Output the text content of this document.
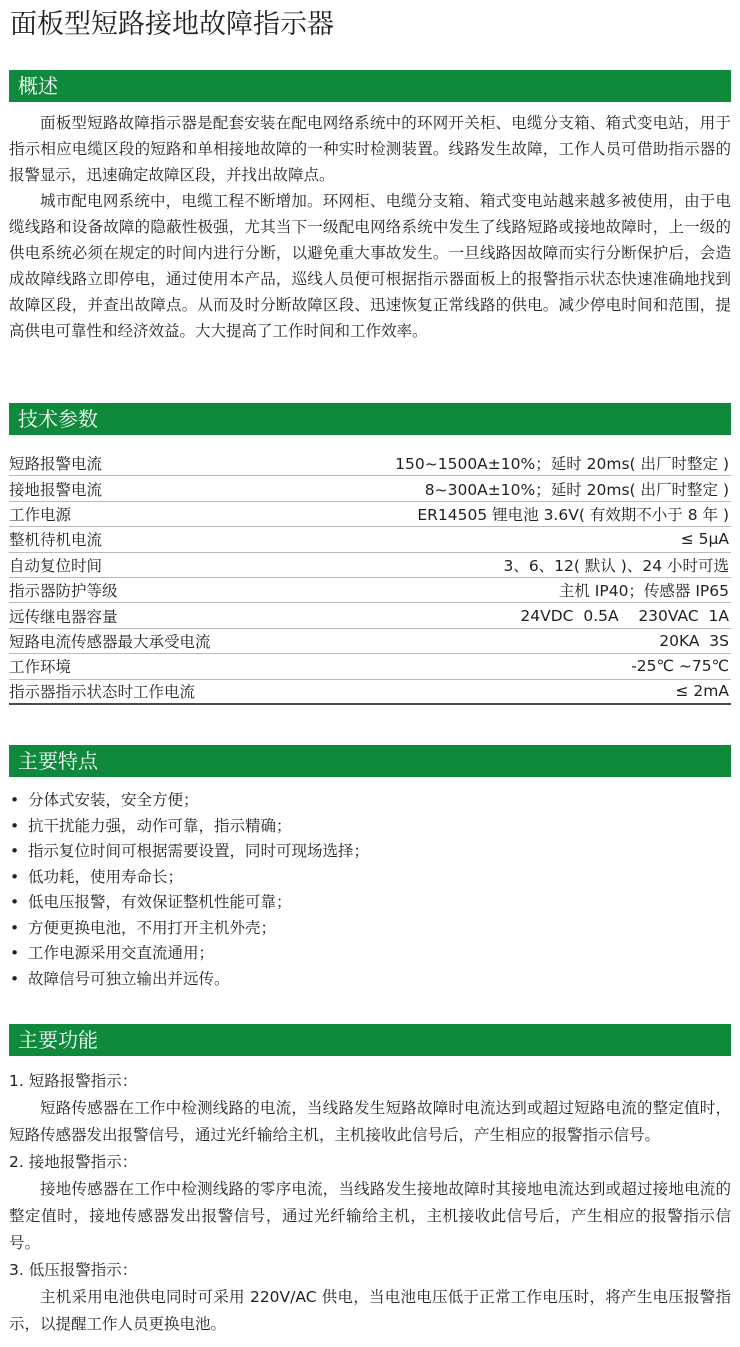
面板型短路接地故障指示器
概述

面板型短路故障指示器是配套安装在配电网络系统中的环网开关柜、电缆分支箱、箱式变电站，用于指示相应电缆区段的短路和单相接地故障的一种实时检测装置。线路发生故障，工作人员可借助指示器的报警显示，迅速确定故障区段，并找出故障点。

城市配电网系统中，电缆工程不断增加。环网柜、电缆分支箱、箱式变电站越来越多被使用，由于电缆线路和设备故障的隐蔽性极强，尤其当下一级配电网络系统中发生了线路短路或接地故障时，上一级的供电系统必须在规定的时间内进行分断，以避免重大事故发生。一旦线路因故障而实行分断保护后，会造成故障线路立即停电，通过使用本产品，巡线人员便可根据指示器面板上的报警指示状态快速准确地找到故障区段，并查出故障点。从而及时分断故障区段、迅速恢复正常线路的供电。减少停电时间和范围，提高供电可靠性和经济效益。大大提高了工作时间和工作效率。

技术参数
短路报警电流	150~1500A±10%；延时 20ms( 出厂时整定 )
接地报警电流	8~300A±10%；延时 20ms( 出厂时整定 )
工作电源	ER14505 锂电池 3.6V( 有效期不小于 8 年 )
整机待机电流	≤ 5μA
自动复位时间	3、6、12( 默认 )、24 小时可选
指示器防护等级	主机 IP40；传感器 IP65
远传继电器容量	24VDC  0.5A    230VAC  1A
短路电流传感器最大承受电流	20KA  3S
工作环境	-25℃ ~75℃
指示器指示状态时工作电流	≤ 2mA
主要特点
• 分体式安装，安全方便；
• 抗干扰能力强，动作可靠，指示精确；
• 指示复位时间可根据需要设置，同时可现场选择；
• 低功耗，使用寿命长；
• 低电压报警，有效保证整机性能可靠；
• 方便更换电池，不用打开主机外壳；
• 工作电源采用交直流通用；
• 故障信号可独立输出并远传。
主要功能
1. 短路报警指示：
短路传感器在工作中检测线路的电流，当线路发生短路故障时电流达到或超过短路电流的整定值时，短路传感器发出报警信号，通过光纤输给主机，主机接收此信号后，产生相应的报警指示信号。
2. 接地报警指示：
接地传感器在工作中检测线路的零序电流，当线路发生接地故障时其接地电流达到或超过接地电流的整定值时，接地传感器发出报警信号，通过光纤输给主机，主机接收此信号后，产生相应的报警指示信号。
3. 低压报警指示：
主机采用电池供电同时可采用 220V/AC 供电，当电池电压低于正常工作电压时，将产生电压报警指示，以提醒工作人员更换电池。
